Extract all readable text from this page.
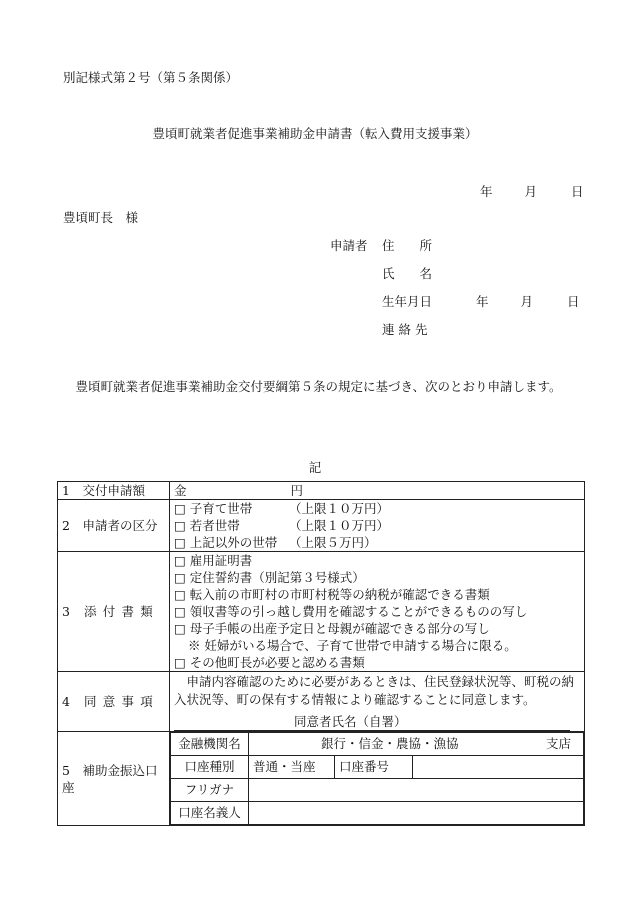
別記様式第２号（第５条関係）
豊頃町就業者促進事業補助金申請書（転入費用支援事業）
年	月	日
豊頃町長　様
申請者 住　　所
氏　　名
生年月日	年	月	日
連 絡 先
豊頃町就業者促進事業補助金交付要綱第５条の規定に基づき、次のとおり申請します。
記
1　交付申請額	金	円
2　申請者の区分	
□ 子育て世帯	（上限１０万円）
□ 若者世帯	（上限１０万円）
□ 上記以外の世帯 （上限５万円）

3 添付書類	
□ 雇用証明書
□ 定住誓約書（別記第３号様式）
□ 転入前の市町村の市町村税等の納税が確認できる書類
□ 領収書等の引っ越し費用を確認することができるものの写し
□ 母子手帳の出産予定日と母親が確認できる部分の写し
※ 妊婦がいる場合で、子育て世帯で申請する場合に限る。
□ その他町長が必要と認める書類

4 同意事項	
　申請内容確認のために必要があるときは、住民登録状況等、町税の納入状況等、町の保有する情報により確認することに同意します。
同意者氏名（自署）

5　補助金振込口座	
金融機関名	銀行・信金・農協・漁協	支店

口座種別	普通・当座	口座番号	
フリガナ	
口座名義人	
